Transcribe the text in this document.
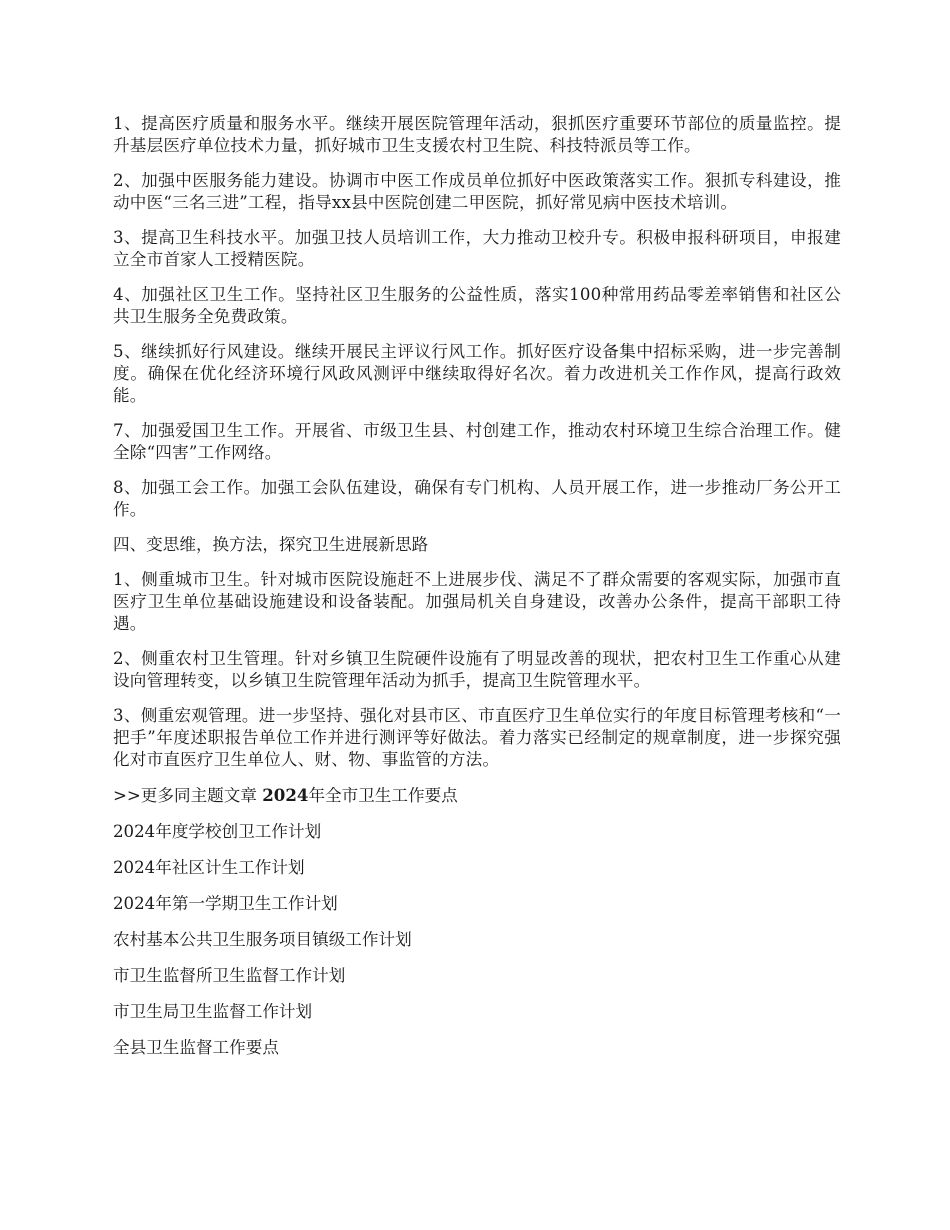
1、提高医疗质量和服务水平。继续开展医院管理年活动，狠抓医疗重要环节部位的质量监控。提升基层医疗单位技术力量，抓好城市卫生支援农村卫生院、科技特派员等工作。

2、加强中医服务能力建设。协调市中医工作成员单位抓好中医政策落实工作。狠抓专科建设，推动中医“三名三进”工程，指导xx县中医院创建二甲医院，抓好常见病中医技术培训。

3、提高卫生科技水平。加强卫技人员培训工作，大力推动卫校升专。积极申报科研项目，申报建立全市首家人工授精医院。

4、加强社区卫生工作。坚持社区卫生服务的公益性质，落实100种常用药品零差率销售和社区公共卫生服务全免费政策。

5、继续抓好行风建设。继续开展民主评议行风工作。抓好医疗设备集中招标采购，进一步完善制度。确保在优化经济环境行风政风测评中继续取得好名次。着力改进机关工作作风，提高行政效能。

7、加强爱国卫生工作。开展省、市级卫生县、村创建工作，推动农村环境卫生综合治理工作。健全除“四害”工作网络。

8、加强工会工作。加强工会队伍建设，确保有专门机构、人员开展工作，进一步推动厂务公开工作。

四、变思维，换方法，探究卫生进展新思路

1、侧重城市卫生。针对城市医院设施赶不上进展步伐、满足不了群众需要的客观实际，加强市直医疗卫生单位基础设施建设和设备装配。加强局机关自身建设，改善办公条件，提高干部职工待遇。

2、侧重农村卫生管理。针对乡镇卫生院硬件设施有了明显改善的现状，把农村卫生工作重心从建设向管理转变，以乡镇卫生院管理年活动为抓手，提高卫生院管理水平。

3、侧重宏观管理。进一步坚持、强化对县市区、市直医疗卫生单位实行的年度目标管理考核和“一把手”年度述职报告单位工作并进行测评等好做法。着力落实已经制定的规章制度，进一步探究强化对市直医疗卫生单位人、财、物、事监管的方法。

>>更多同主题文章 2024年全市卫生工作要点

2024年度学校创卫工作计划

2024年社区计生工作计划

2024年第一学期卫生工作计划

农村基本公共卫生服务项目镇级工作计划

市卫生监督所卫生监督工作计划

市卫生局卫生监督工作计划

全县卫生监督工作要点
